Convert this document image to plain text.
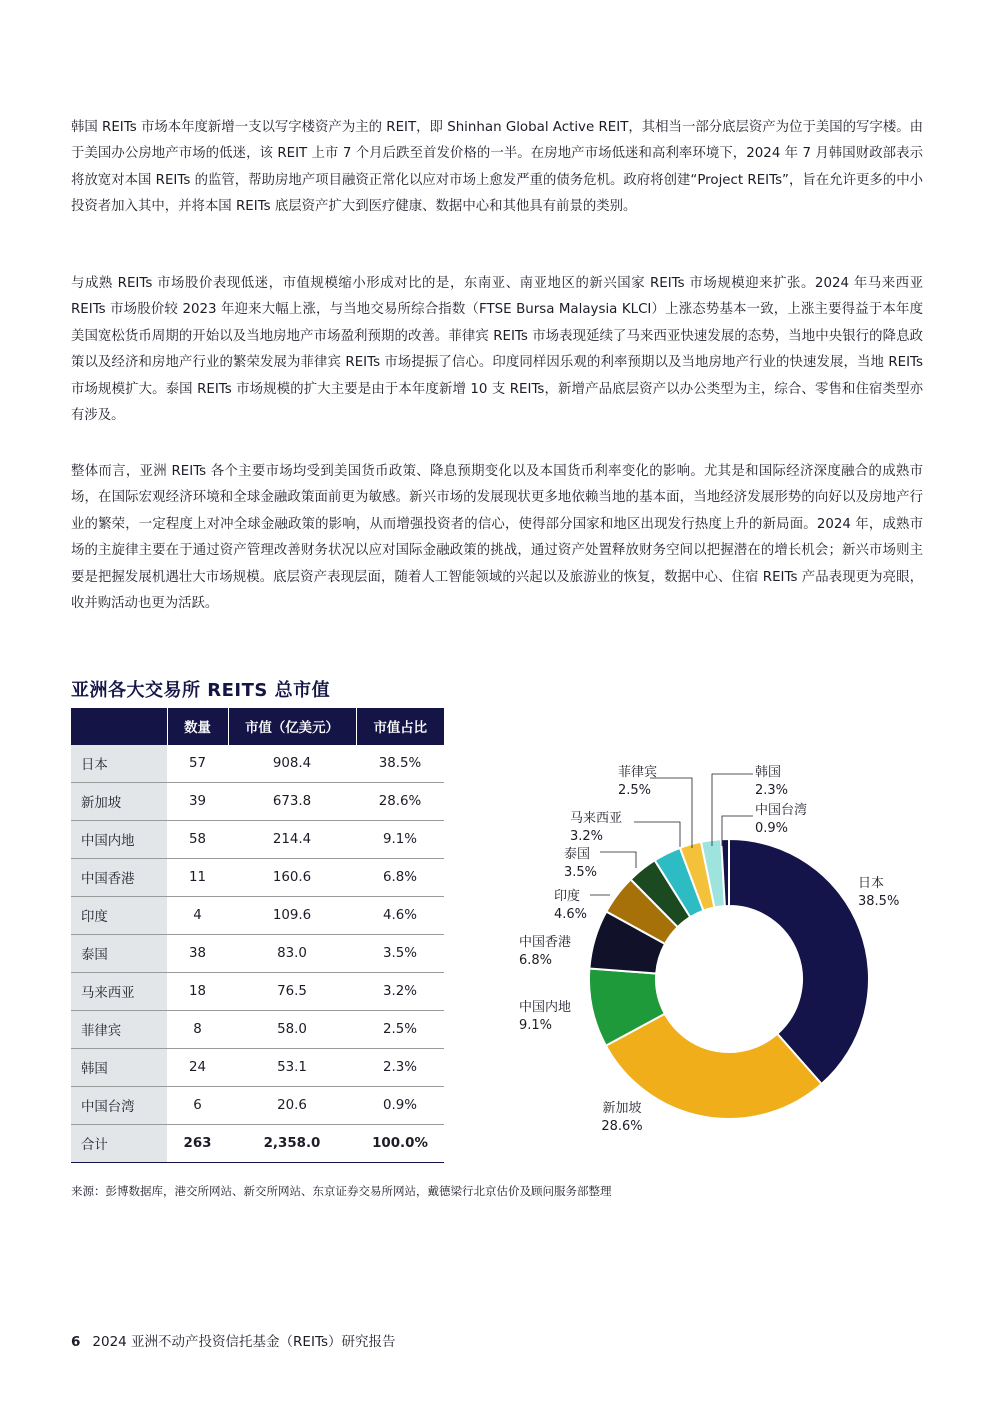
韩国 REITs 市场本年度新增一支以写字楼资产为主的 REIT，即 Shinhan Global Active REIT，其相当一部分底层资产为位于美国的写字楼。由于美国办公房地产市场的低迷，该 REIT 上市 7 个月后跌至首发价格的一半。在房地产市场低迷和高利率环境下，2024 年 7 月韩国财政部表示将放宽对本国 REITs 的监管，帮助房地产项目融资正常化以应对市场上愈发严重的债务危机。政府将创建“Project REITs”，旨在允许更多的中小投资者加入其中，并将本国 REITs 底层资产扩大到医疗健康、数据中心和其他具有前景的类别。

与成熟 REITs 市场股价表现低迷，市值规模缩小形成对比的是，东南亚、南亚地区的新兴国家 REITs 市场规模迎来扩张。2024 年马来西亚 REITs 市场股价较 2023 年迎来大幅上涨，与当地交易所综合指数（FTSE Bursa Malaysia KLCI）上涨态势基本一致，上涨主要得益于本年度美国宽松货币周期的开始以及当地房地产市场盈利预期的改善。菲律宾 REITs 市场表现延续了马来西亚快速发展的态势，当地中央银行的降息政策以及经济和房地产行业的繁荣发展为菲律宾 REITs 市场提振了信心。印度同样因乐观的利率预期以及当地房地产行业的快速发展，当地 REITs 市场规模扩大。泰国 REITs 市场规模的扩大主要是由于本年度新增 10 支 REITs，新增产品底层资产以办公类型为主，综合、零售和住宿类型亦有涉及。

整体而言，亚洲 REITs 各个主要市场均受到美国货币政策、降息预期变化以及本国货币利率变化的影响。尤其是和国际经济深度融合的成熟市场，在国际宏观经济环境和全球金融政策面前更为敏感。新兴市场的发展现状更多地依赖当地的基本面，当地经济发展形势的向好以及房地产行业的繁荣，一定程度上对冲全球金融政策的影响，从而增强投资者的信心，使得部分国家和地区出现发行热度上升的新局面。2024 年，成熟市场的主旋律主要在于通过资产管理改善财务状况以应对国际金融政策的挑战，通过资产处置释放财务空间以把握潜在的增长机会；新兴市场则主要是把握发展机遇壮大市场规模。底层资产表现层面，随着人工智能领域的兴起以及旅游业的恢复，数据中心、住宿 REITs 产品表现更为亮眼，收并购活动也更为活跃。

亚洲各大交易所 REITS 总市值
	数量	市值（亿美元）	市值占比
日本	57	908.4	38.5%
新加坡	39	673.8	28.6%
中国内地	58	214.4	9.1%
中国香港	11	160.6	6.8%
印度	4	109.6	4.6%
泰国	38	83.0	3.5%
马来西亚	18	76.5	3.2%
菲律宾	8	58.0	2.5%
韩国	24	53.1	2.3%
中国台湾	6	20.6	0.9%
合计	263	2,358.0	100.0%
日本
38.5%
新加坡
28.6%
中国内地
9.1%
中国香港
6.8%
印度
4.6%
泰国
3.5%
马来西亚
3.2%
菲律宾
2.5%
韩国
2.3%
中国台湾
0.9%

来源：彭博数据库，港交所网站、新交所网站、东京证券交易所网站，戴德梁行北京估价及顾问服务部整理

6 2024 亚洲不动产投资信托基金（REITs）研究报告
